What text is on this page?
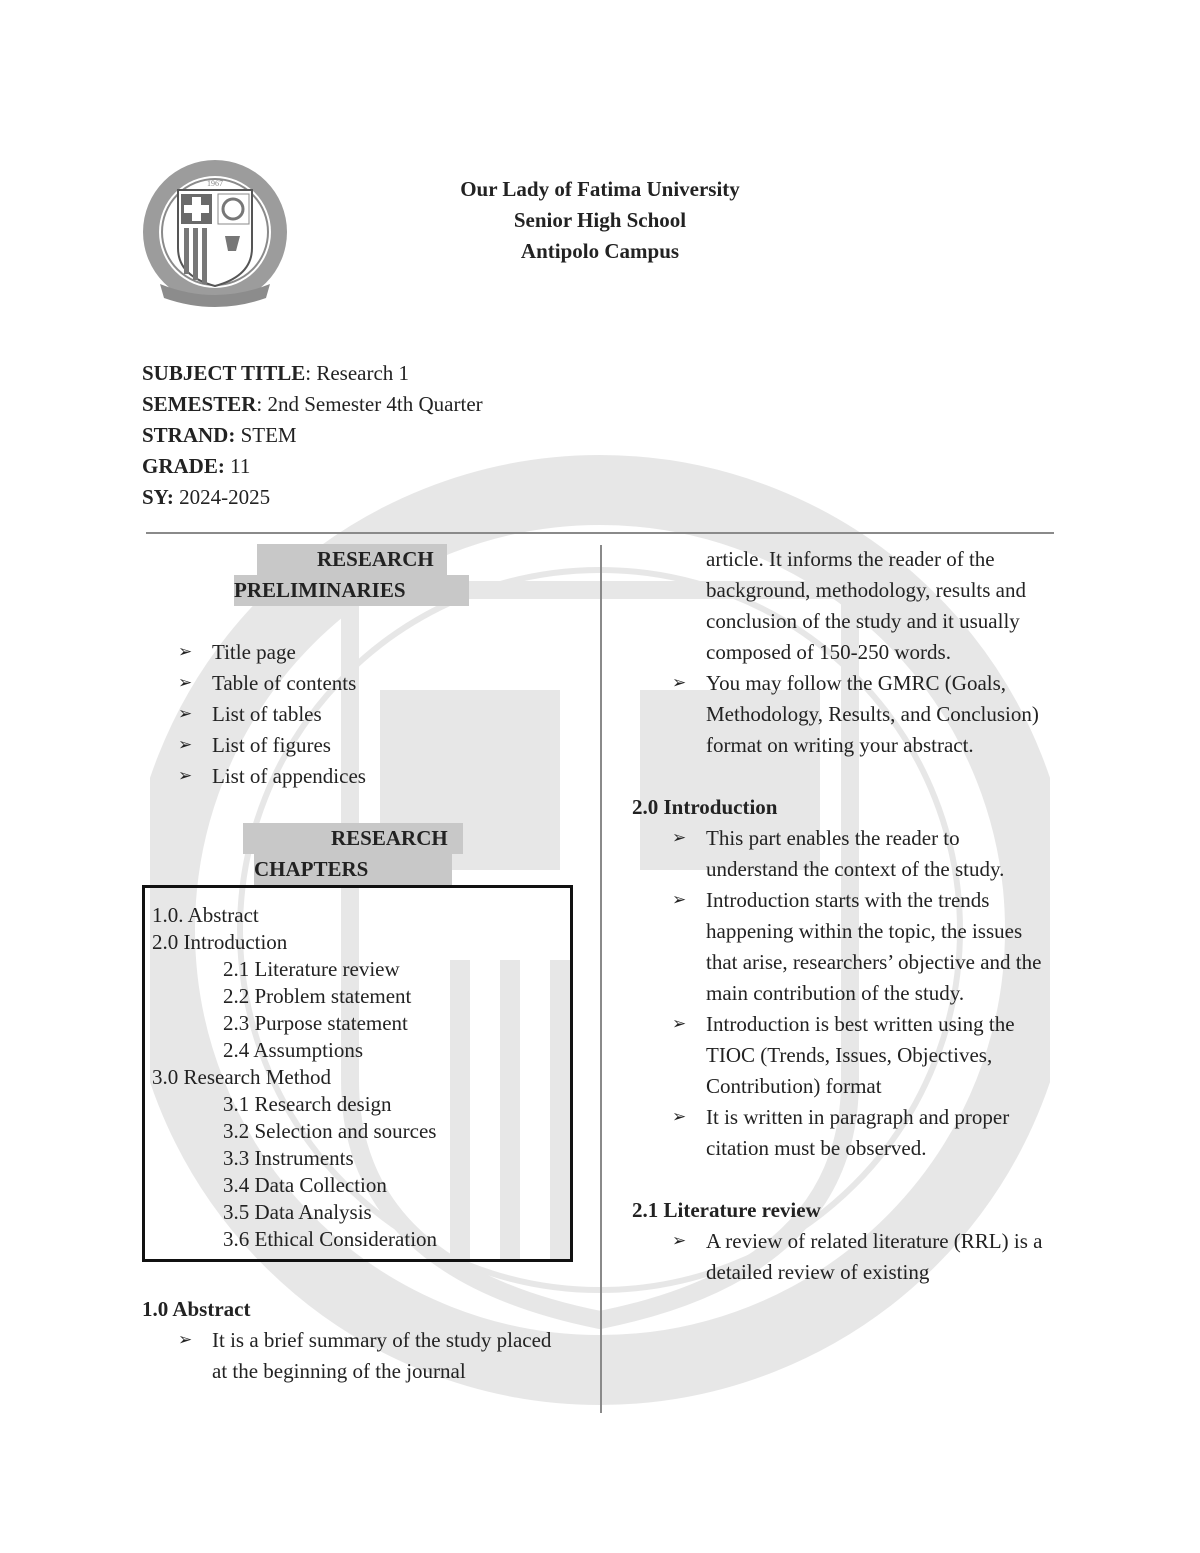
1967	Our Lady of Fatima University
Senior High School
Antipolo Campus
SUBJECT TITLE: Research 1
SEMESTER: 2nd Semester 4th Quarter
STRAND: STEM
GRADE: 11
SY: 2024-2025
RESEARCH
PRELIMINARIES
➢ Title page
➢ Table of contents
➢ List of tables
➢ List of figures
➢ List of appendices
RESEARCH
CHAPTERS
1.0. Abstract
2.0 Introduction
2.1 Literature review
2.2 Problem statement
2.3 Purpose statement
2.4 Assumptions
3.0 Research Method
3.1 Research design
3.2 Selection and sources
3.3 Instruments
3.4 Data Collection
3.5 Data Analysis
3.6 Ethical Consideration
1.0 Abstract
➢ It is a brief summary of the study placed at the beginning of the journal
article. It informs the reader of the background, methodology, results and conclusion of the study and it usually composed of 150-250 words.
➢ You may follow the GMRC (Goals, Methodology, Results, and Conclusion) format on writing your abstract.
2.0 Introduction
➢ This part enables the reader to understand the context of the study.
➢ Introduction starts with the trends happening within the topic, the issues that arise, researchers’ objective and the main contribution of the study.
➢ Introduction is best written using the TIOC (Trends, Issues, Objectives, Contribution) format
➢ It is written in paragraph and proper citation must be observed.
2.1 Literature review
➢ A review of related literature (RRL) is a detailed review of existing
